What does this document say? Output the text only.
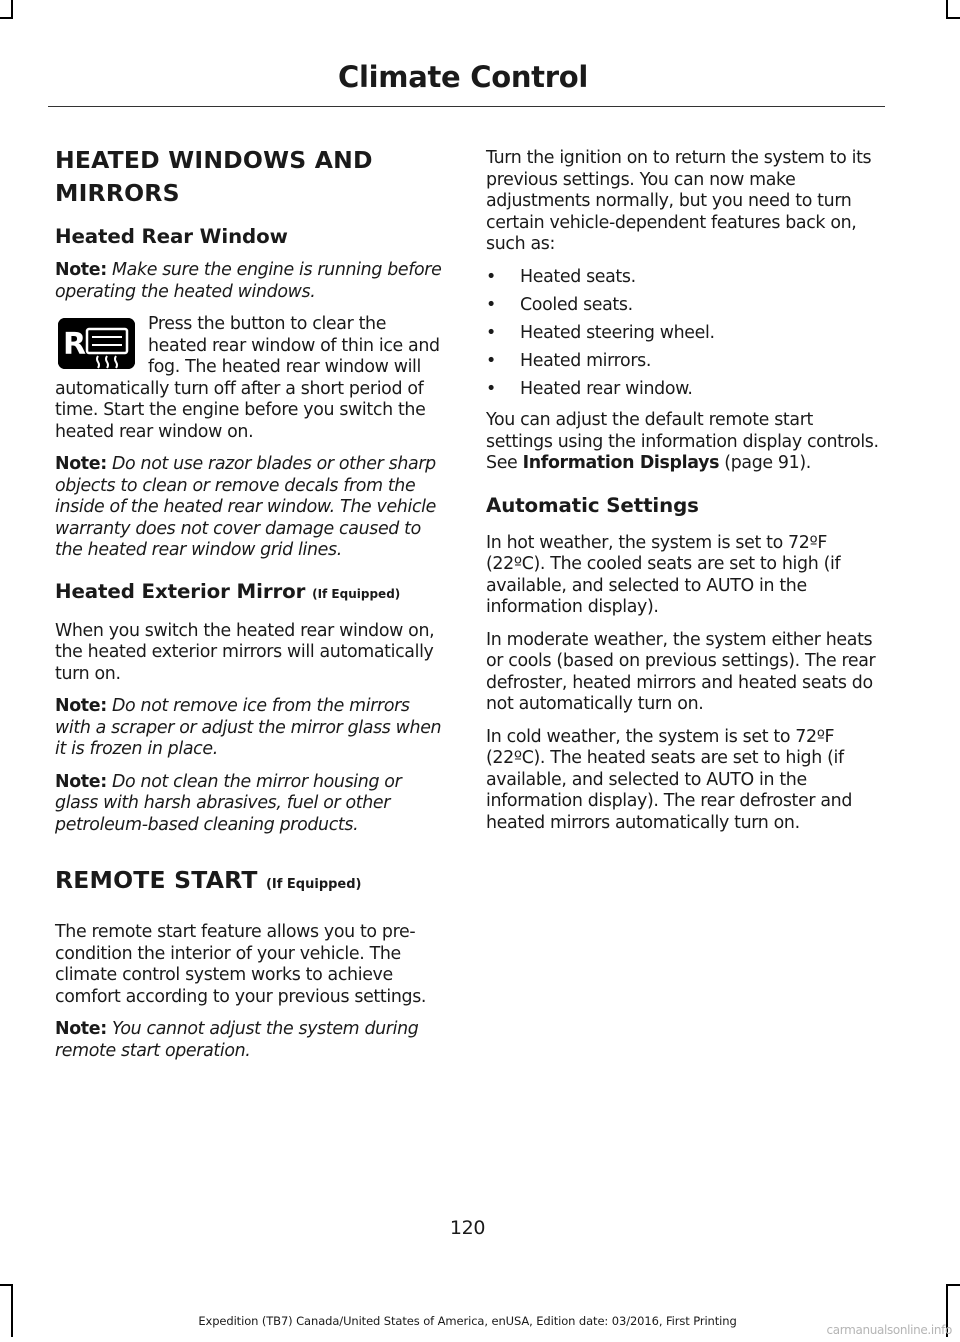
Climate Control
HEATED WINDOWS AND MIRRORS
Heated Rear Window

Note: Make sure the engine is running before operating the heated windows.

R
Press the button to clear the heated rear window of thin ice and fog. The heated rear window will automatically turn off after a short period of time. Start the engine before you switch the heated rear window on.

Note: Do not use razor blades or other sharp objects to clean or remove decals from the inside of the heated rear window. The vehicle warranty does not cover damage caused to the heated rear window grid lines.

Heated Exterior Mirror (If Equipped)

When you switch the heated rear window on, the heated exterior mirrors will automatically turn on.

Note: Do not remove ice from the mirrors with a scraper or adjust the mirror glass when it is frozen in place.

Note: Do not clean the mirror housing or glass with harsh abrasives, fuel or other petroleum-based cleaning products.

REMOTE START (If Equipped)

The remote start feature allows you to pre-condition the interior of your vehicle. The climate control system works to achieve comfort according to your previous settings.

Note: You cannot adjust the system during remote start operation.

Turn the ignition on to return the system to its previous settings. You can now make adjustments normally, but you need to turn certain vehicle-dependent features back on, such as:

• Heated seats.
• Cooled seats.
• Heated steering wheel.
• Heated mirrors.
• Heated rear window.

You can adjust the default remote start settings using the information display controls. See Information Displays (page 91).

Automatic Settings

In hot weather, the system is set to 72ºF (22ºC). The cooled seats are set to high (if available, and selected to AUTO in the information display).

In moderate weather, the system either heats or cools (based on previous settings). The rear defroster, heated mirrors and heated seats do not automatically turn on.

In cold weather, the system is set to 72ºF (22ºC). The heated seats are set to high (if available, and selected to AUTO in the information display). The rear defroster and heated mirrors automatically turn on.

120

Expedition (TB7) Canada/United States of America, enUSA, Edition date: 03/2016, First Printing

carmanualsonline.info
